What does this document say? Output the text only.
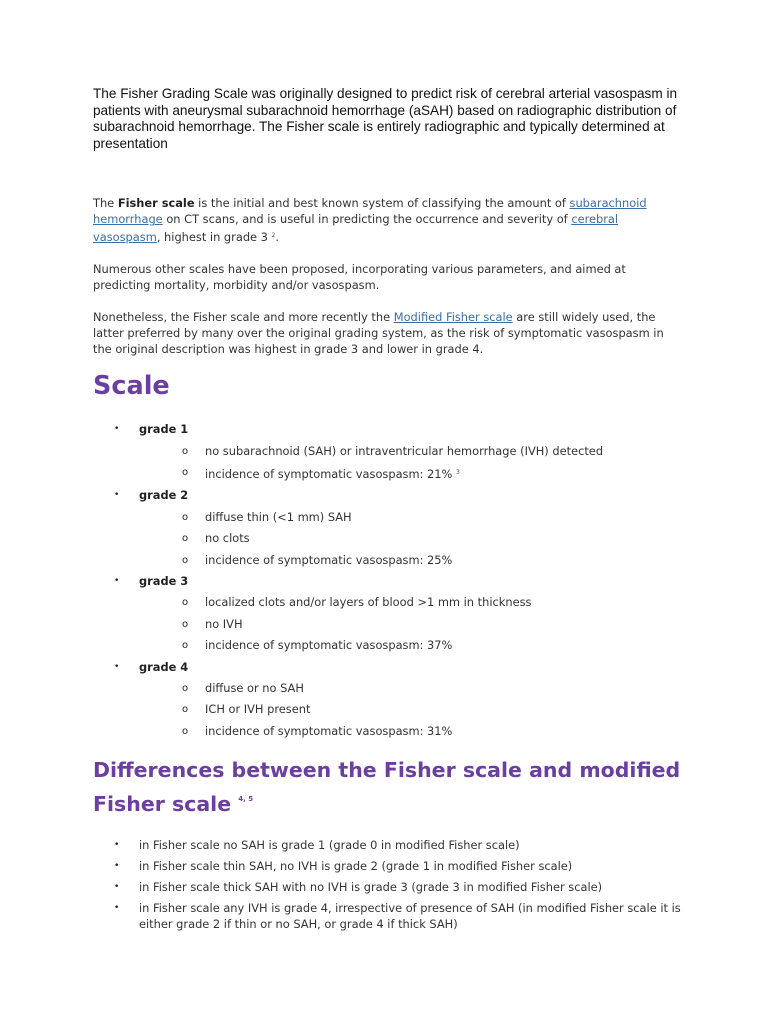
The Fisher Grading Scale was originally designed to predict risk of cerebral arterial vasospasm in patients with aneurysmal subarachnoid hemorrhage (aSAH) based on radiographic distribution of subarachnoid hemorrhage. The Fisher scale is entirely radiographic and typically determined at presentation

The Fisher scale is the initial and best known system of classifying the amount of subarachnoid hemorrhage on CT scans, and is useful in predicting the occurrence and severity of cerebral vasospasm, highest in grade 3 $^2$.

Numerous other scales have been proposed, incorporating various parameters, and aimed at predicting mortality, morbidity and/or vasospasm.

Nonetheless, the Fisher scale and more recently the Modified Fisher scale are still widely used, the latter preferred by many over the original grading system, as the risk of symptomatic vasospasm in the original description was highest in grade 3 and lower in grade 4.

Scale
• grade 1
o no subarachnoid (SAH) or intraventricular hemorrhage (IVH) detected
o incidence of symptomatic vasospasm: 21% $^3$
• grade 2
o diffuse thin (<1 mm) SAH
o no clots
o incidence of symptomatic vasospasm: 25%
• grade 3
o localized clots and/or layers of blood >1 mm in thickness
o no IVH
o incidence of symptomatic vasospasm: 37%
• grade 4
o diffuse or no SAH
o ICH or IVH present
o incidence of symptomatic vasospasm: 31%
Differences between the Fisher scale and modified Fisher scale $^{4, 5}$
• in Fisher scale no SAH is grade 1 (grade 0 in modified Fisher scale)
• in Fisher scale thin SAH, no IVH is grade 2 (grade 1 in modified Fisher scale)
• in Fisher scale thick SAH with no IVH is grade 3 (grade 3 in modified Fisher scale)
• in Fisher scale any IVH is grade 4, irrespective of presence of SAH (in modified Fisher scale it is either grade 2 if thin or no SAH, or grade 4 if thick SAH)
